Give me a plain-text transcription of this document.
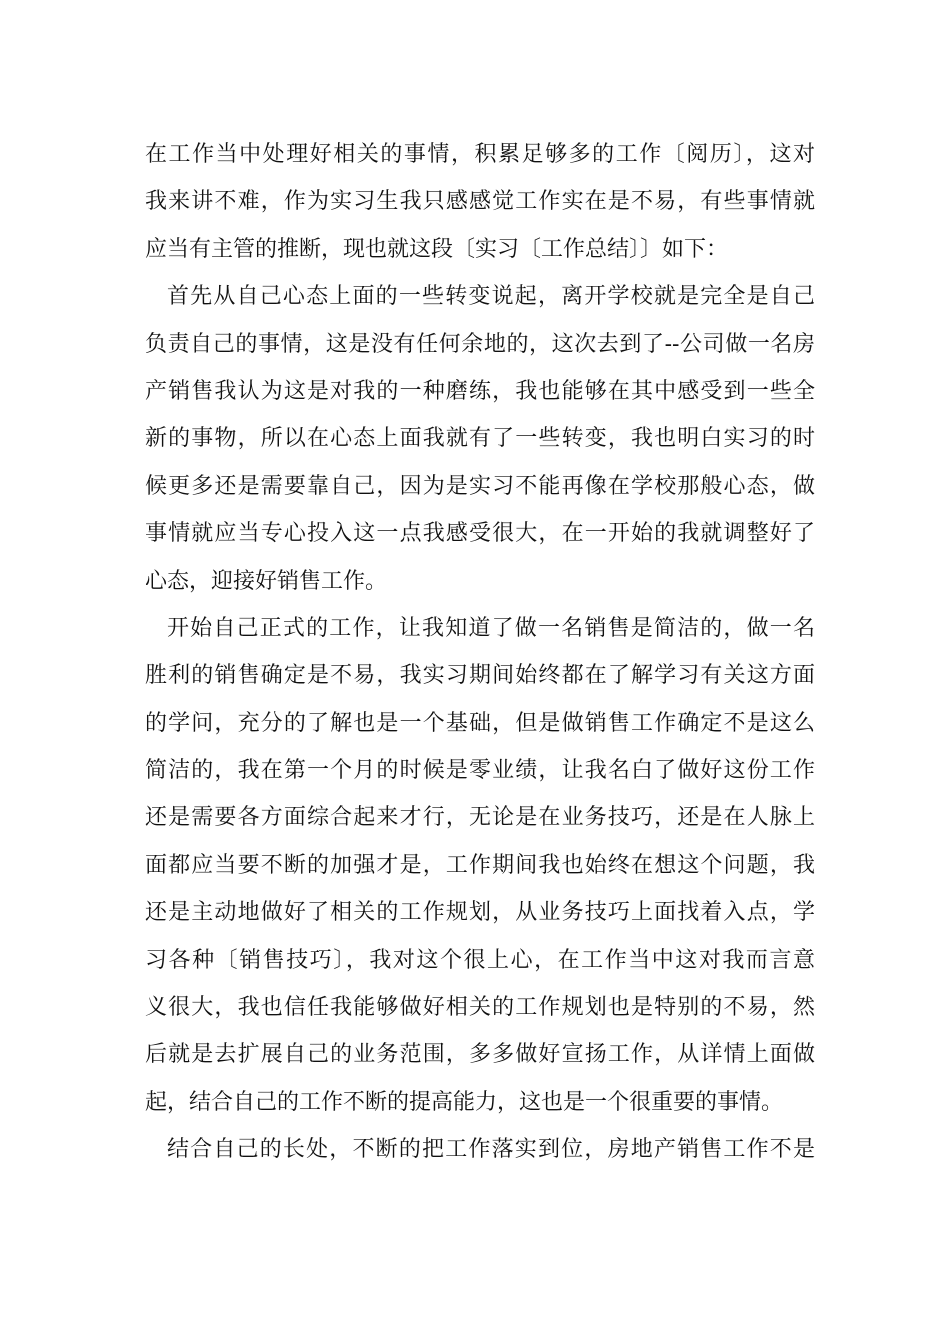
在工作当中处理好相关的事情，积累足够多的工作〔阅历〕，这对
我来讲不难，作为实习生我只感感觉工作实在是不易，有些事情就
应当有主管的推断，现也就这段〔实习〔工作总结〕〕如下：
首先从自己心态上面的一些转变说起，离开学校就是完全是自己
负责自己的事情，这是没有任何余地的，这次去到了--公司做一名房
产销售我认为这是对我的一种磨练，我也能够在其中感受到一些全
新的事物，所以在心态上面我就有了一些转变，我也明白实习的时
候更多还是需要靠自己，因为是实习不能再像在学校那般心态，做
事情就应当专心投入这一点我感受很大，在一开始的我就调整好了
心态，迎接好销售工作。
开始自己正式的工作，让我知道了做一名销售是简洁的，做一名
胜利的销售确定是不易，我实习期间始终都在了解学习有关这方面
的学问，充分的了解也是一个基础，但是做销售工作确定不是这么
简洁的，我在第一个月的时候是零业绩，让我名白了做好这份工作
还是需要各方面综合起来才行，无论是在业务技巧，还是在人脉上
面都应当要不断的加强才是，工作期间我也始终在想这个问题，我
还是主动地做好了相关的工作规划，从业务技巧上面找着入点，学
习各种〔销售技巧〕，我对这个很上心，在工作当中这对我而言意
义很大，我也信任我能够做好相关的工作规划也是特别的不易，然
后就是去扩展自己的业务范围，多多做好宣扬工作，从详情上面做
起，结合自己的工作不断的提高能力，这也是一个很重要的事情。
结合自己的长处，不断的把工作落实到位，房地产销售工作不是
